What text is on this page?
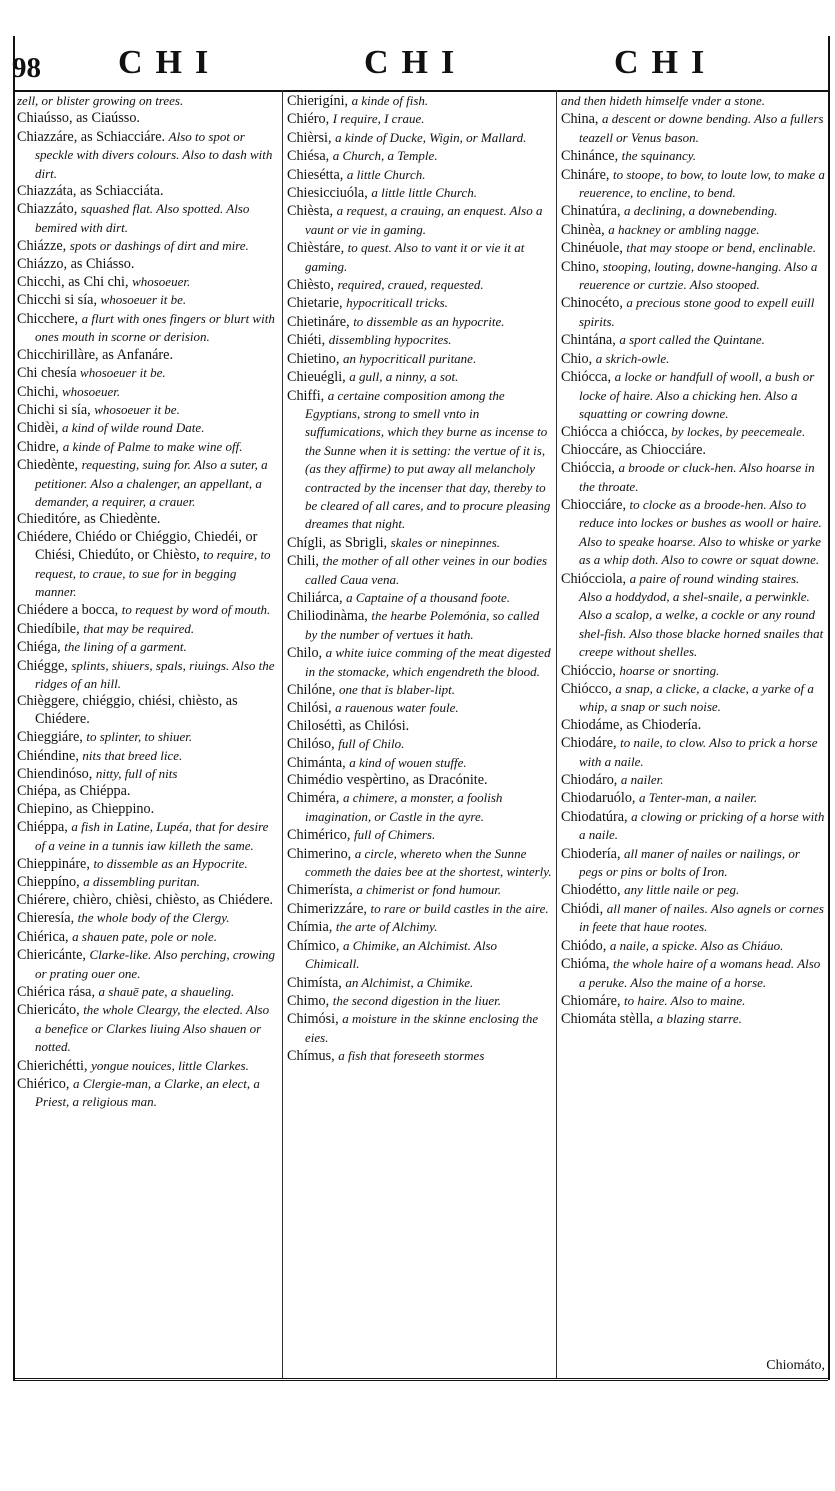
98 CHI	CHI	CHI

zell, or blister growing on trees.

Chiaússo, as Ciaússo.

Chiazzáre, as Schiacciáre. Also to spot or speckle with divers colours. Also to dash with dirt.

Chiazzáta, as Schiacciáta.

Chiazzáto, squashed flat. Also spotted. Also bemired with dirt.

Chiázze, spots or dashings of dirt and mire.

Chiázzo, as Chiásso.

Chicchi, as Chi chi, whosoeuer.

Chicchi si sía, whosoeuer it be.

Chicchere, a flurt with ones fingers or blurt with ones mouth in scorne or derision.

Chicchirillàre, as Anfanáre.

Chi chesía whosoeuer it be.

Chichi, whosoeuer.

Chichi si sía, whosoeuer it be.

Chidèi, a kind of wilde round Date.

Chidre, a kinde of Palme to make wine off.

Chiedènte, requesting, suing for. Also a suter, a petitioner. Also a chalenger, an appellant, a demander, a requirer, a crauer.

Chieditóre, as Chiedènte.

Chiédere, Chiédo or Chiéggio, Chiedéi, or Chiési, Chiedúto, or Chièsto, to require, to request, to craue, to sue for in begging manner.

Chiédere a bocca, to request by word of mouth.

Chiedíbile, that may be required.

Chiéga, the lining of a garment.

Chiégge, splints, shiuers, spals, riuings. Also the ridges of an hill.

Chièggere, chiéggio, chiési, chièsto, as Chiédere.

Chieggiáre, to splinter, to shiuer.

Chiéndine, nits that breed lice.

Chiendinóso, nitty, full of nits

Chiépa, as Chiéppa.

Chiepino, as Chieppino.

Chiéppa, a fish in Latine, Lupéa, that for desire of a veine in a tunnis iaw killeth the same.

Chieppináre, to dissemble as an Hypocrite.

Chieppíno, a dissembling puritan.

Chiérere, chièro, chièsi, chièsto, as Chiédere.

Chieresía, the whole body of the Clergy.

Chiérica, a shauen pate, pole or nole.

Chiericánte, Clarke-like. Also perching, crowing or prating ouer one.

Chiérica rása, a shauē pate, a shaueling.

Chiericáto, the whole Cleargy, the elected. Also a benefice or Clarkes liuing Also shauen or notted.

Chierichétti, yongue nouices, little Clarkes.

Chiérico, a Clergie-man, a Clarke, an elect, a Priest, a religious man.

Chierigíni, a kinde of fish.

Chiéro, I require, I craue.

Chièrsi, a kinde of Ducke, Wigin, or Mallard.

Chiésa, a Church, a Temple.

Chiesétta, a little Church.

Chiesicciuóla, a little little Church.

Chièsta, a request, a crauing, an enquest. Also a vaunt or vie in gaming.

Chièstáre, to quest. Also to vant it or vie it at gaming.

Chièsto, required, craued, requested.

Chietarie, hypocriticall tricks.

Chietináre, to dissemble as an hypocrite.

Chiéti, dissembling hypocrites.

Chietino, an hypocriticall puritane.

Chieuégli, a gull, a ninny, a sot.

Chiffi, a certaine composition among the Egyptians, strong to smell vnto in suffumications, which they burne as incense to the Sunne when it is setting: the vertue of it is, (as they affirme) to put away all melancholy contracted by the incenser that day, thereby to be cleared of all cares, and to procure pleasing dreames that night.

Chígli, as Sbrigli, skales or ninepinnes.

Chili, the mother of all other veines in our bodies called Caua vena.

Chiliárca, a Captaine of a thousand foote.

Chiliodinàma, the hearbe Polemónia, so called by the number of vertues it hath.

Chilo, a white iuice comming of the meat digested in the stomacke, which engendreth the blood.

Chilóne, one that is blaber-lipt.

Chilósi, a rauenous water foule.

Chiloséttì, as Chilósi.

Chilóso, full of Chilo.

Chimánta, a kind of wouen stuffe.

Chimédio vespèrtino, as Dracónite.

Chiméra, a chimere, a monster, a foolish imagination, or Castle in the ayre.

Chimérico, full of Chimers.

Chimerino, a circle, whereto when the Sunne commeth the daies bee at the shortest, winterly.

Chimerísta, a chimerist or fond humour.

Chimerizzáre, to rare or build castles in the aire.

Chímia, the arte of Alchimy.

Chímico, a Chimike, an Alchimist. Also Chimicall.

Chimísta, an Alchimist, a Chimike.

Chimo, the second digestion in the liuer.

Chimósi, a moisture in the skinne enclosing the eies.

Chímus, a fish that foreseeth stormes

and then hideth himselfe vnder a stone.

China, a descent or downe bending. Also a fullers teazell or Venus bason.

Chinánce, the squinancy.

Chináre, to stoope, to bow, to loute low, to make a reuerence, to encline, to bend.

Chinatúra, a declining, a downebending.

Chinèa, a hackney or ambling nagge.

Chinéuole, that may stoope or bend, enclinable.

Chino, stooping, louting, downe-hanging. Also a reuerence or curtzie. Also stooped.

Chinocéto, a precious stone good to expell euill spirits.

Chintána, a sport called the Quintane.

Chio, a skrich-owle.

Chiócca, a locke or handfull of wooll, a bush or locke of haire. Also a chicking hen. Also a squatting or cowring downe.

Chiócca a chiócca, by lockes, by peecemeale.

Chioccáre, as Chiocciáre.

Chióccia, a broode or cluck-hen. Also hoarse in the throate.

Chiocciáre, to clocke as a broode-hen. Also to reduce into lockes or bushes as wooll or haire. Also to speake hoarse. Also to whiske or yarke as a whip doth. Also to cowre or squat downe.

Chiócciola, a paire of round winding staires. Also a hoddydod, a shel-snaile, a perwinkle. Also a scalop, a welke, a cockle or any round shel-fish. Also those blacke horned snailes that creepe without shelles.

Chióccio, hoarse or snorting.

Chiócco, a snap, a clicke, a clacke, a yarke of a whip, a snap or such noise.

Chiodáme, as Chiodería.

Chiodáre, to naile, to clow. Also to prick a horse with a naile.

Chiodáro, a nailer.

Chiodaruólo, a Tenter-man, a nailer.

Chiodatúra, a clowing or pricking of a horse with a naile.

Chiodería, all maner of nailes or nailings, or pegs or pins or bolts of Iron.

Chiodétto, any little naile or peg.

Chiódi, all maner of nailes. Also agnels or cornes in feete that haue rootes.

Chiódo, a naile, a spicke. Also as Chiáuo.

Chióma, the whole haire of a womans head. Also a peruke. Also the maine of a horse.

Chiomáre, to haire. Also to maine.

Chiomáta stèlla, a blazing starre.

Chiomáto,
